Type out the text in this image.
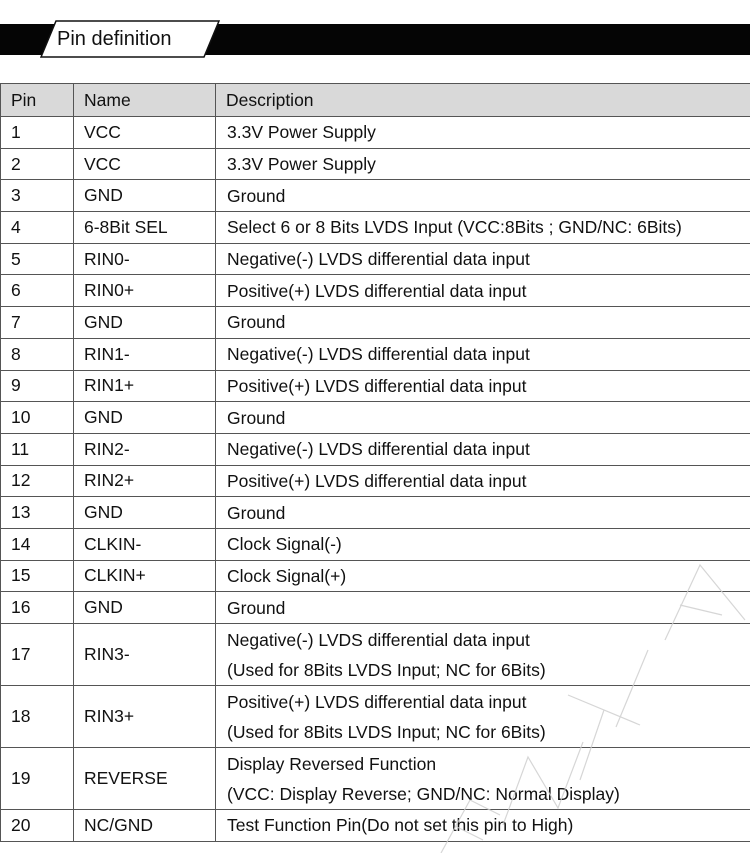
Pin definition
Pin	Name	Description
1	VCC	3.3V Power Supply

2	VCC	3.3V Power Supply

3	GND	Ground

4	6-8Bit SEL	Select 6 or 8 Bits LVDS Input (VCC:8Bits ; GND/NC: 6Bits)

5	RIN0-	Negative(-) LVDS differential data input

6	RIN0+	Positive(+) LVDS differential data input

7	GND	Ground

8	RIN1-	Negative(-) LVDS differential data input

9	RIN1+	Positive(+) LVDS differential data input

10	GND	Ground

11	RIN2-	Negative(-) LVDS differential data input

12	RIN2+	Positive(+) LVDS differential data input

13	GND	Ground

14	CLKIN-	Clock Signal(-)

15	CLKIN+	Clock Signal(+)

16	GND	Ground

17	RIN3-	Negative(-) LVDS differential data input
(Used for 8Bits LVDS Input; NC for 6Bits)

18	RIN3+	Positive(+) LVDS differential data input
(Used for 8Bits LVDS Input; NC for 6Bits)

19	REVERSE	Display Reversed Function
(VCC: Display Reverse; GND/NC: Normal Display)

20	NC/GND	Test Function Pin(Do not set this pin to High)
